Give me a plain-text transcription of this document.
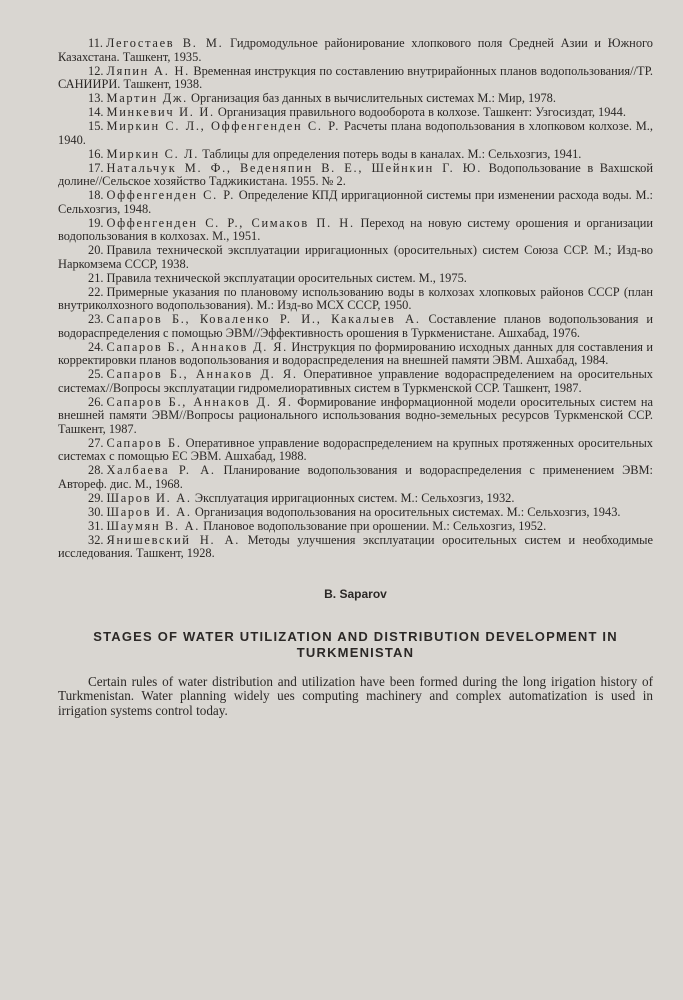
11. Легостаев В. М. Гидромодульное районирование хлопкового поля Средней Азии и Южного Казахстана. Ташкент, 1935.
12. Ляпин А. Н. Временная инструкция по составлению внутрирайонных планов водопользования//ТР. САНИИРИ. Ташкент, 1938.
13. Мартин Дж. Организация баз данных в вычислительных системах М.: Мир, 1978.
14. Минкевич И. И. Организация правильного водооборота в колхозе. Ташкент: Узгосиздат, 1944.
15. Миркин С. Л., Оффенгенден С. Р. Расчеты плана водопользования в хлопковом колхозе. М., 1940.
16. Миркин С. Л. Таблицы для определения потерь воды в каналах. М.: Сельхозгиз, 1941.
17. Натальчук М. Ф., Веденяпин В. Е., Шейнкин Г. Ю. Водопользование в Вахшской долине//Сельское хозяйство Таджикистана. 1955. № 2.
18. Оффенгенден С. Р. Определение КПД ирригационной системы при изменении расхода воды. М.: Сельхозгиз, 1948.
19. Оффенгенден С. Р., Симаков П. Н. Переход на новую систему орошения и организации водопользования в колхозах. М., 1951.
20. Правила технической эксплуатации ирригационных (оросительных) систем Союза ССР. М.; Изд-во Наркомзема СССР, 1938.
21. Правила технической эксплуатации оросительных систем. М., 1975.
22. Примерные указания по плановому использованию воды в колхозах хлопковых районов СССР (план внутриколхозного водопользования). М.: Изд-во МСХ СССР, 1950.
23. Сапаров Б., Коваленко Р. И., Какалыев А. Составление планов водопользования и водораспределения с помощью ЭВМ//Эффективность орошения в Туркменистане. Ашхабад, 1976.
24. Сапаров Б., Аннаков Д. Я. Инструкция по формированию исходных данных для составления и корректировки планов водопользования и водораспределения на внешней памяти ЭВМ. Ашхабад, 1984.
25. Сапаров Б., Аннаков Д. Я. Оперативное управление водораспределением на оросительных системах//Вопросы эксплуатации гидромелиоративных систем в Туркменской ССР. Ташкент, 1987.
26. Сапаров Б., Аннаков Д. Я. Формирование информационной модели оросительных систем на внешней памяти ЭВМ//Вопросы рационального использования водно-земельных ресурсов Туркменской ССР. Ташкент, 1987.
27. Сапаров Б. Оперативное управление водораспределением на крупных протяженных оросительных системах с помощью ЕС ЭВМ. Ашхабад, 1988.
28. Халбаева Р. А. Планирование водопользования и водораспределения с применением ЭВМ: Автореф. дис. М., 1968.
29. Шаров И. А. Эксплуатация ирригационных систем. М.: Сельхозгиз, 1932.
30. Шаров И. А. Организация водопользования на оросительных системах. М.: Сельхозгиз, 1943.
31. Шаумян В. А. Плановое водопользование при орошении. М.: Сельхозгиз, 1952.
32. Янишевский Н. А. Методы улучшения эксплуатации оросительных систем и необходимые исследования. Ташкент, 1928.
B. Saparov
STAGES OF WATER UTILIZATION AND DISTRIBUTION DEVELOPMENT IN TURKMENISTAN
Certain rules of water distribution and utilization have been formed during the long irigation history of Turkmenistan. Water planning widely ues computing machinery and complex automatization is used in irrigation systems control today.
